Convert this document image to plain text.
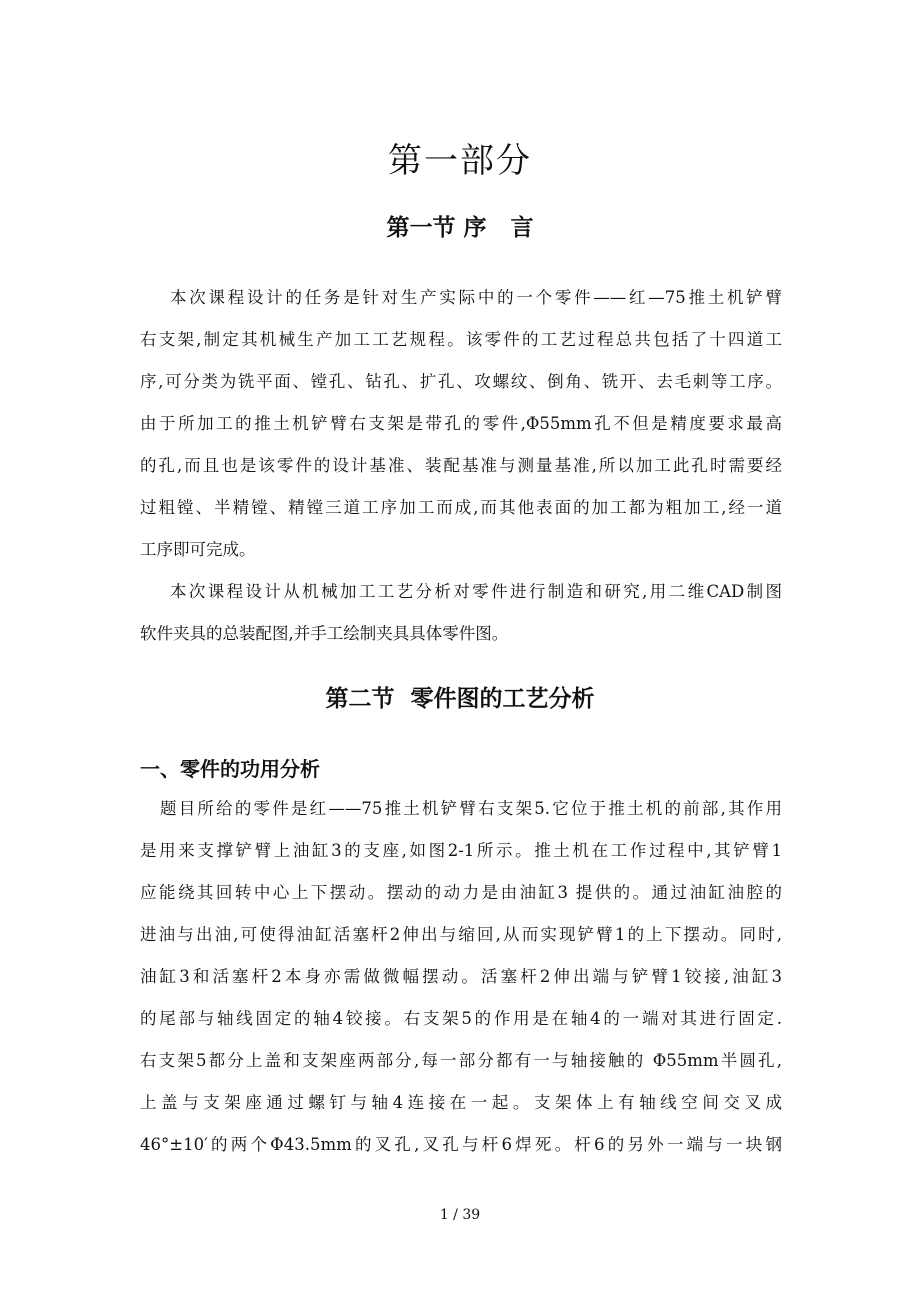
第一部分
第一节 序   言

本次课程设计的任务是针对生产实际中的一个零件——红—75推土机铲臂

右支架,制定其机械生产加工工艺规程。该零件的工艺过程总共包括了十四道工

序,可分类为铣平面、镗孔、钻孔、扩孔、攻螺纹、倒角、铣开、去毛刺等工序。

由于所加工的推土机铲臂右支架是带孔的零件,Φ55mm孔不但是精度要求最高

的孔,而且也是该零件的设计基准、装配基准与测量基准,所以加工此孔时需要经

过粗镗、半精镗、精镗三道工序加工而成,而其他表面的加工都为粗加工,经一道

工序即可完成。

本次课程设计从机械加工工艺分析对零件进行制造和研究,用二维CAD制图

软件夹具的总装配图,并手工绘制夹具具体零件图。

第二节  零件图的工艺分析
一、零件的功用分析

题目所给的零件是红——75推土机铲臂右支架5.它位于推土机的前部,其作用

是用来支撑铲臂上油缸3的支座,如图2-1所示。推土机在工作过程中,其铲臂1

应能绕其回转中心上下摆动。摆动的动力是由油缸3 提供的。通过油缸油腔的

进油与出油,可使得油缸活塞杆2伸出与缩回,从而实现铲臂1的上下摆动。同时,

油缸3和活塞杆2本身亦需做微幅摆动。活塞杆2伸出端与铲臂1铰接,油缸3

的尾部与轴线固定的轴4铰接。右支架5的作用是在轴4的一端对其进行固定.

右支架5都分上盖和支架座两部分,每一部分都有一与轴接触的 Φ55mm半圆孔,

上盖与支架座通过螺钉与轴4连接在一起。支架体上有轴线空间交叉成

46°±10′的两个Φ43.5mm的叉孔,叉孔与杆6焊死。杆6的另外一端与一块钢

1 / 39
